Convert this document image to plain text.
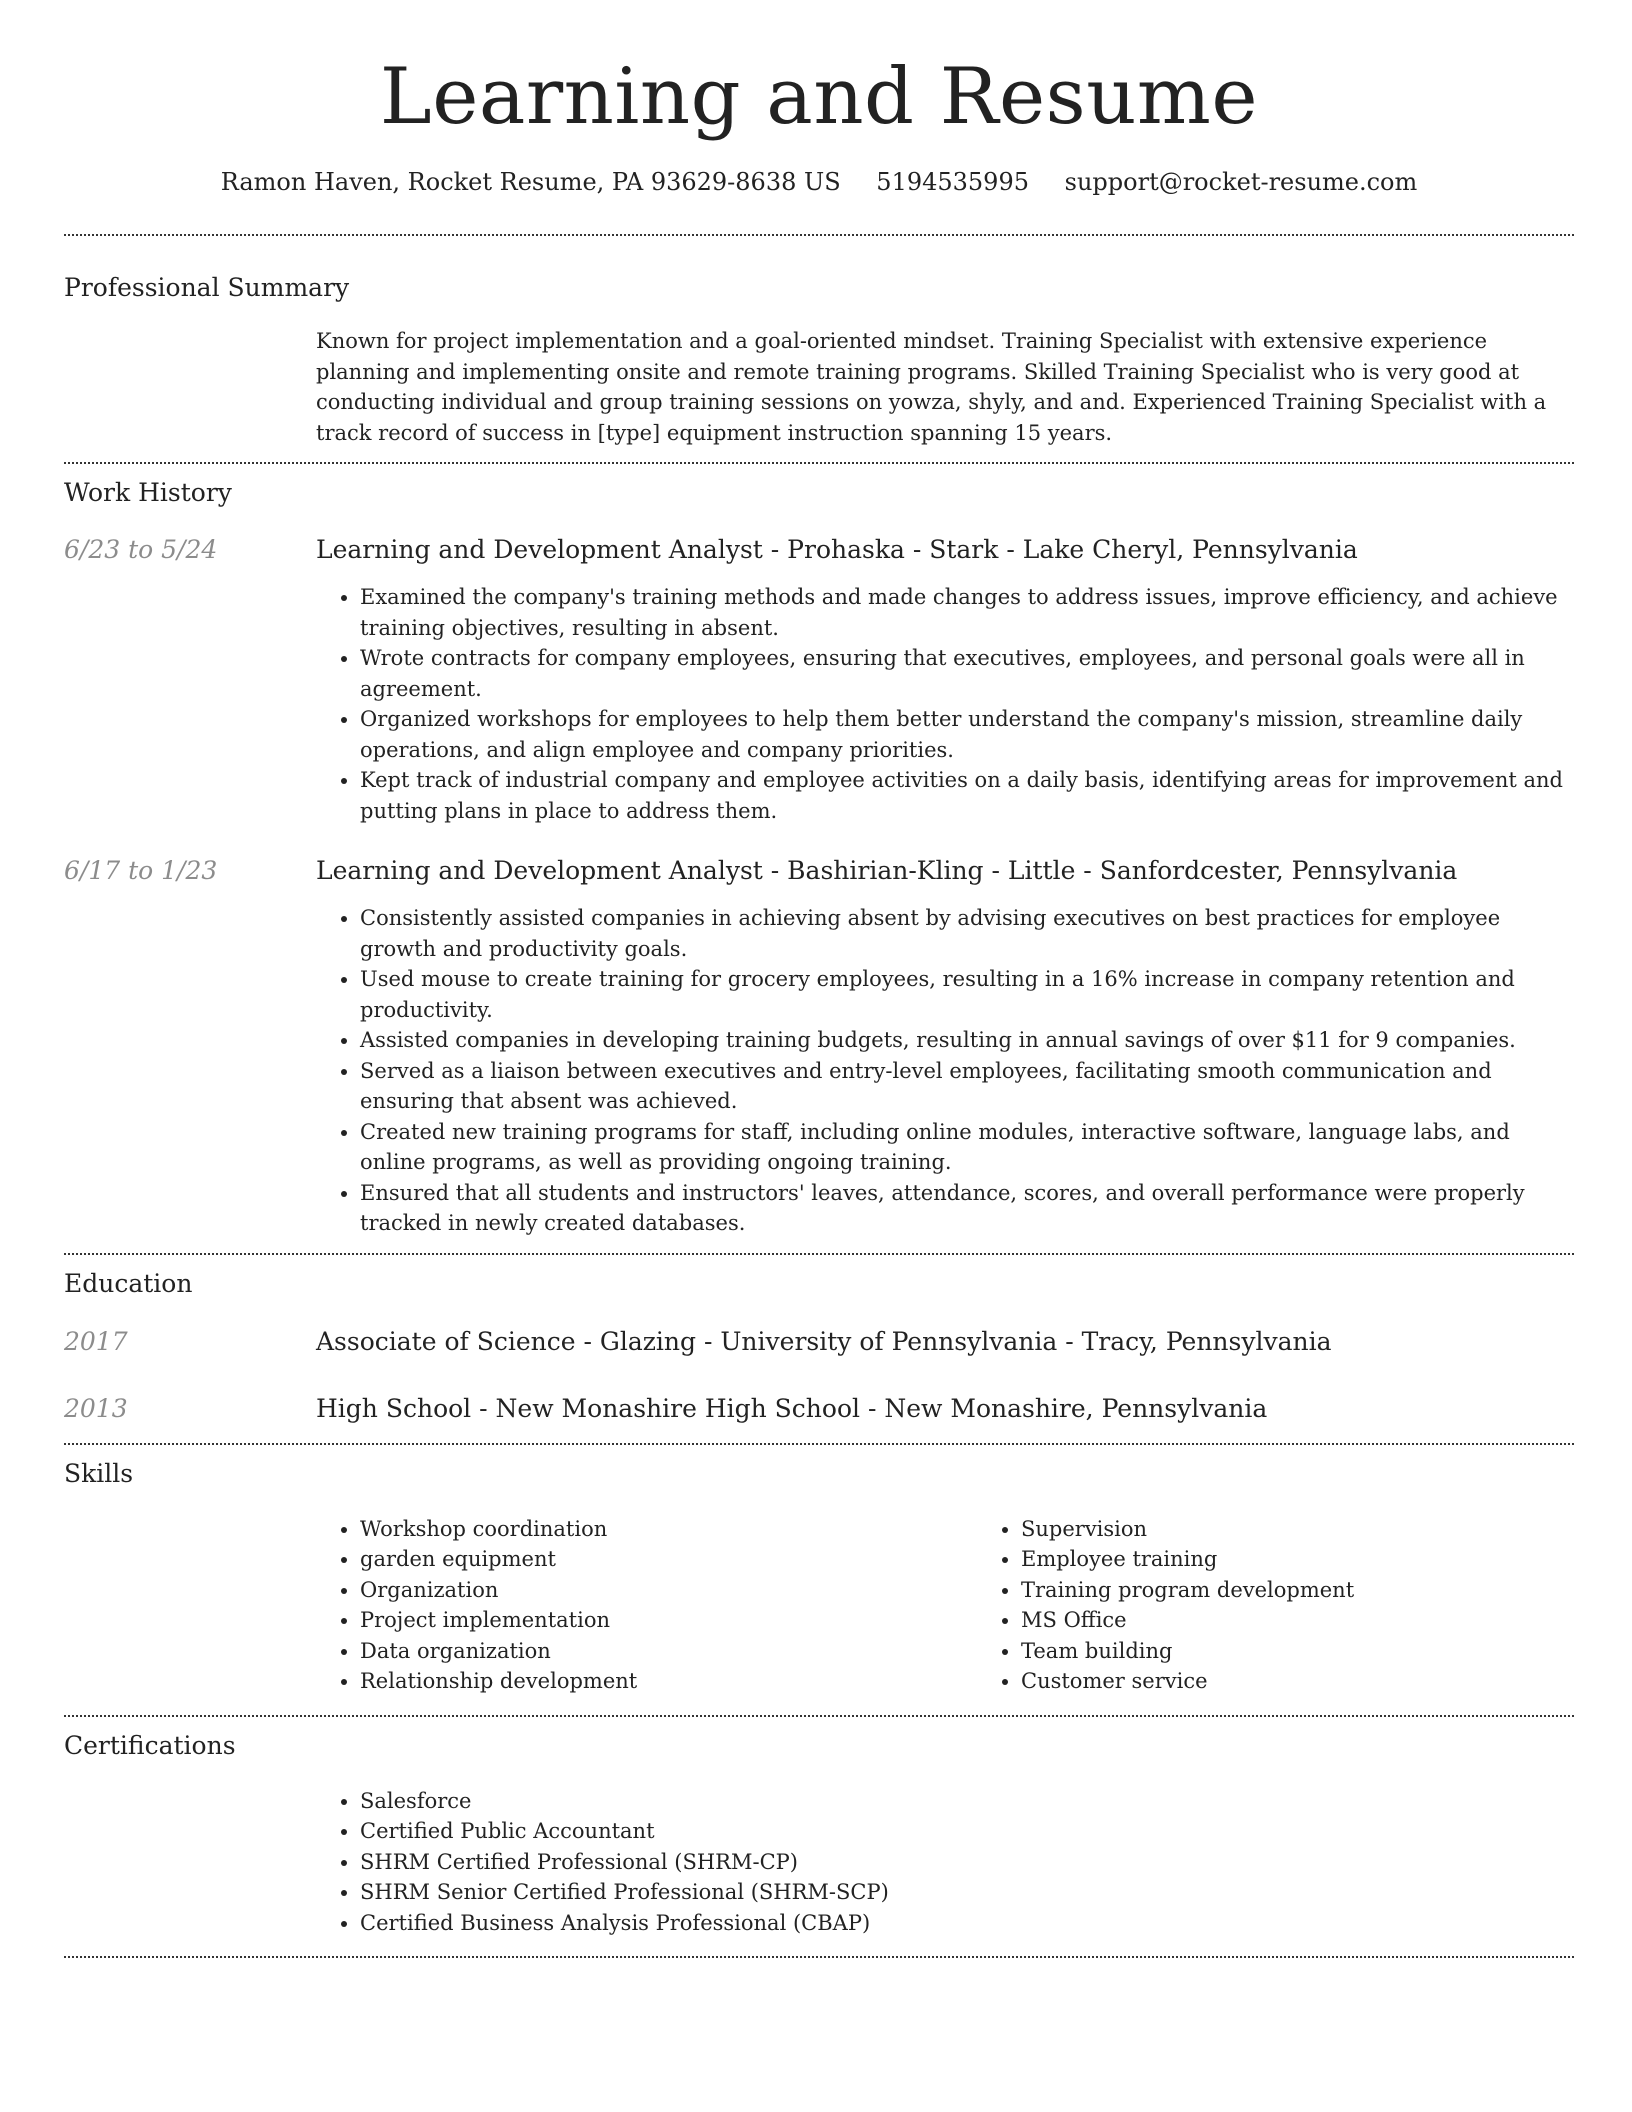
Learning and Resume
Ramon Haven, Rocket Resume, PA 93629-8638 US 5194535995 support@rocket-resume.com
Professional Summary

Known for project implementation and a goal-oriented mindset. Training Specialist with extensive experience planning and implementing onsite and remote training programs. Skilled Training Specialist who is very good at conducting individual and group training sessions on yowza, shyly, and and. Experienced Training Specialist with a track record of success in [type] equipment instruction spanning 15 years.

Work History
6/23 to 5/24	Learning and Development Analyst - Prohaska - Stark - Lake Cheryl, Pennsylvania
• Examined the company's training methods and made changes to address issues, improve efficiency, and achieve training objectives, resulting in absent.
• Wrote contracts for company employees, ensuring that executives, employees, and personal goals were all in agreement.
• Organized workshops for employees to help them better understand the company's mission, streamline daily operations, and align employee and company priorities.
• Kept track of industrial company and employee activities on a daily basis, identifying areas for improvement and putting plans in place to address them.
6/17 to 1/23	Learning and Development Analyst - Bashirian-Kling - Little - Sanfordcester, Pennsylvania
• Consistently assisted companies in achieving absent by advising executives on best practices for employee growth and productivity goals.
• Used mouse to create training for grocery employees, resulting in a 16% increase in company retention and productivity.
• Assisted companies in developing training budgets, resulting in annual savings of over $11 for 9 companies.
• Served as a liaison between executives and entry-level employees, facilitating smooth communication and ensuring that absent was achieved.
• Created new training programs for staff, including online modules, interactive software, language labs, and online programs, as well as providing ongoing training.
• Ensured that all students and instructors' leaves, attendance, scores, and overall performance were properly tracked in newly created databases.
Education
2017	Associate of Science - Glazing - University of Pennsylvania - Tracy, Pennsylvania
2013	High School - New Monashire High School - New Monashire, Pennsylvania
Skills
• Workshop coordination
• garden equipment
• Organization
• Project implementation
• Data organization
• Relationship development
• Supervision
• Employee training
• Training program development
• MS Office
• Team building
• Customer service
Certifications
• Salesforce
• Certified Public Accountant
• SHRM Certified Professional (SHRM-CP)
• SHRM Senior Certified Professional (SHRM-SCP)
• Certified Business Analysis Professional (CBAP)
